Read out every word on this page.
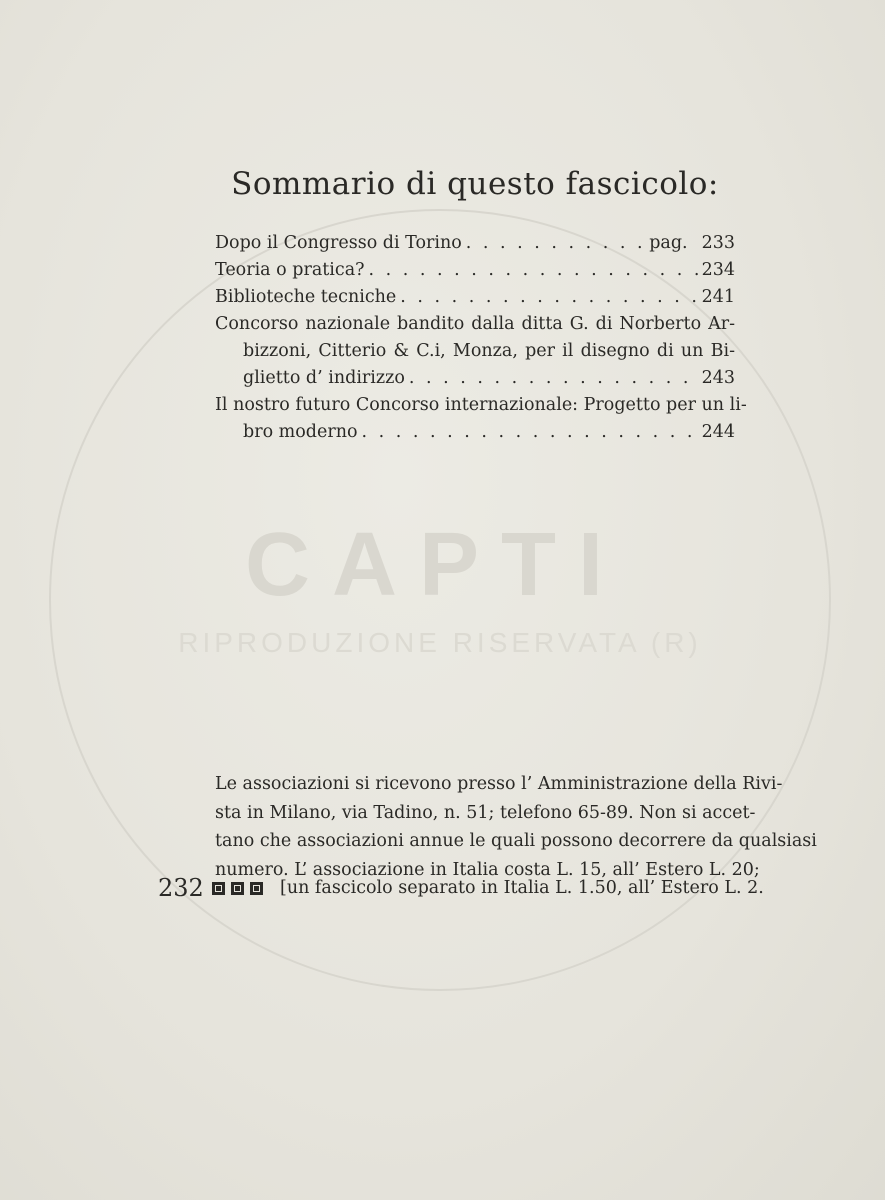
CAPTI
RIPRODUZIONE RISERVATA (R)
Sommario di questo fascicolo:
Dopo il Congresso di Torino . . .	pag. 233
Teoria o pratica? . . .	234
Biblioteche tecniche . . .	241
Concorso nazionale bandito dalla ditta G. di Norberto Ar-
bizzoni, Citterio & C.i, Monza, per il disegno di un Bi-
glietto d’ indirizzo . . .	243
Il nostro futuro Concorso internazionale: Progetto per un li-
bro moderno . . .	244
Le associazioni si ricevono presso l’ Amministrazione della Rivi-
sta in Milano, via Tadino, n. 51; telefono 65-89. Non si accet-
tano che associazioni annue le quali possono decorrere da qualsiasi
numero. L’ associazione in Italia costa L. 15, all’ Estero L. 20;
232	[un fascicolo separato in Italia L. 1.50, all’ Estero L. 2.
